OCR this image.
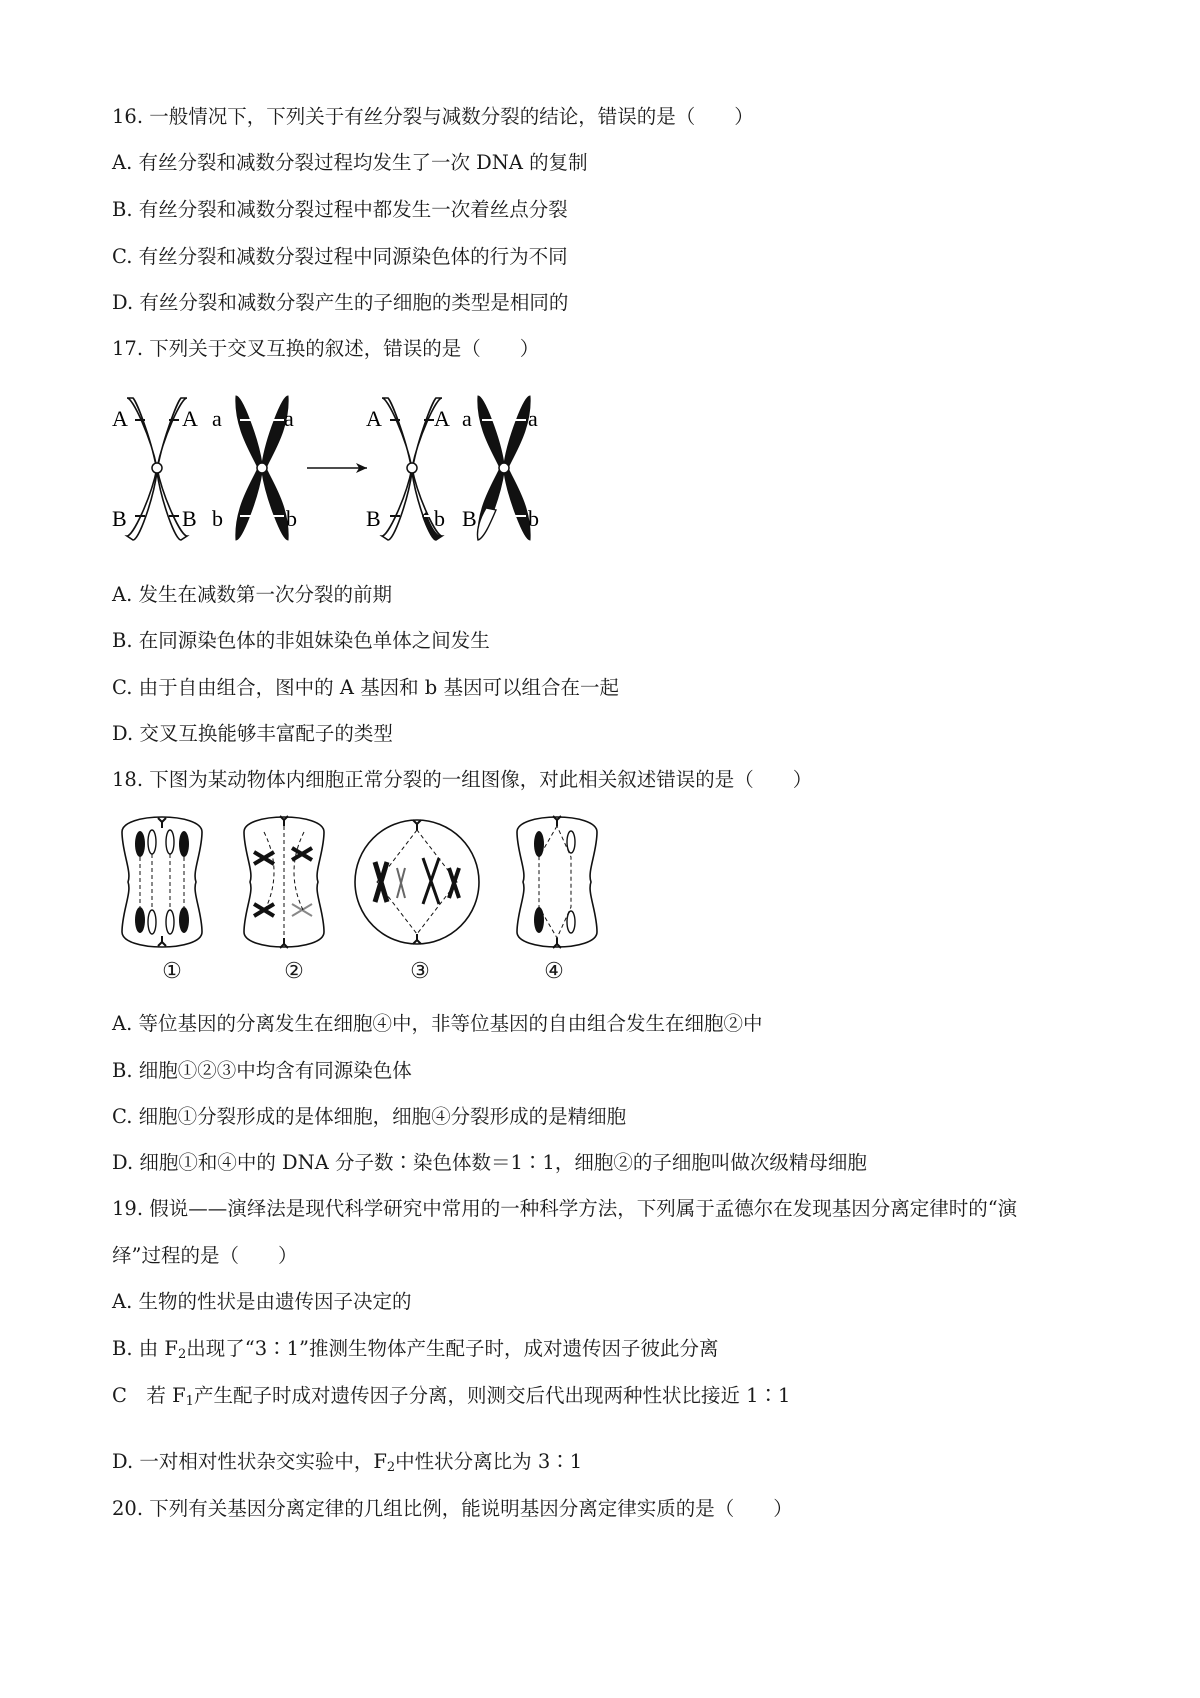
16. 一般情况下，下列关于有丝分裂与减数分裂的结论，错误的是（　　）
A. 有丝分裂和减数分裂过程均发生了一次 DNA 的复制
B. 有丝分裂和减数分裂过程中都发生一次着丝点分裂
C. 有丝分裂和减数分裂过程中同源染色体的行为不同
D. 有丝分裂和减数分裂产生的子细胞的类型是相同的
17. 下列关于交叉互换的叙述，错误的是（　　）
A A
B	B
a	a
b	b
A A
B b
a	a
B b
A. 发生在减数第一次分裂的前期
B. 在同源染色体的非姐妹染色单体之间发生
C. 由于自由组合，图中的 A 基因和 b 基因可以组合在一起
D. 交叉互换能够丰富配子的类型
18. 下图为某动物体内细胞正常分裂的一组图像，对此相关叙述错误的是（　　）
①	②	③	④
A. 等位基因的分离发生在细胞④中，非等位基因的自由组合发生在细胞②中
B. 细胞①②③中均含有同源染色体
C. 细胞①分裂形成的是体细胞，细胞④分裂形成的是精细胞
D. 细胞①和④中的 DNA 分子数∶染色体数＝1∶1，细胞②的子细胞叫做次级精母细胞
19. 假说——演绎法是现代科学研究中常用的一种科学方法，下列属于孟德尔在发现基因分离定律时的“演
绎”过程的是（　　）
A. 生物的性状是由遗传因子决定的
B. 由 $F_2$出现了“3∶1”推测生物体产生配子时，成对遗传因子彼此分离
C　若 $F_1$产生配子时成对遗传因子分离，则测交后代出现两种性状比接近 1∶1
D. 一对相对性状杂交实验中，$F_2$中性状分离比为 3∶1
20. 下列有关基因分离定律的几组比例，能说明基因分离定律实质的是（　　）
